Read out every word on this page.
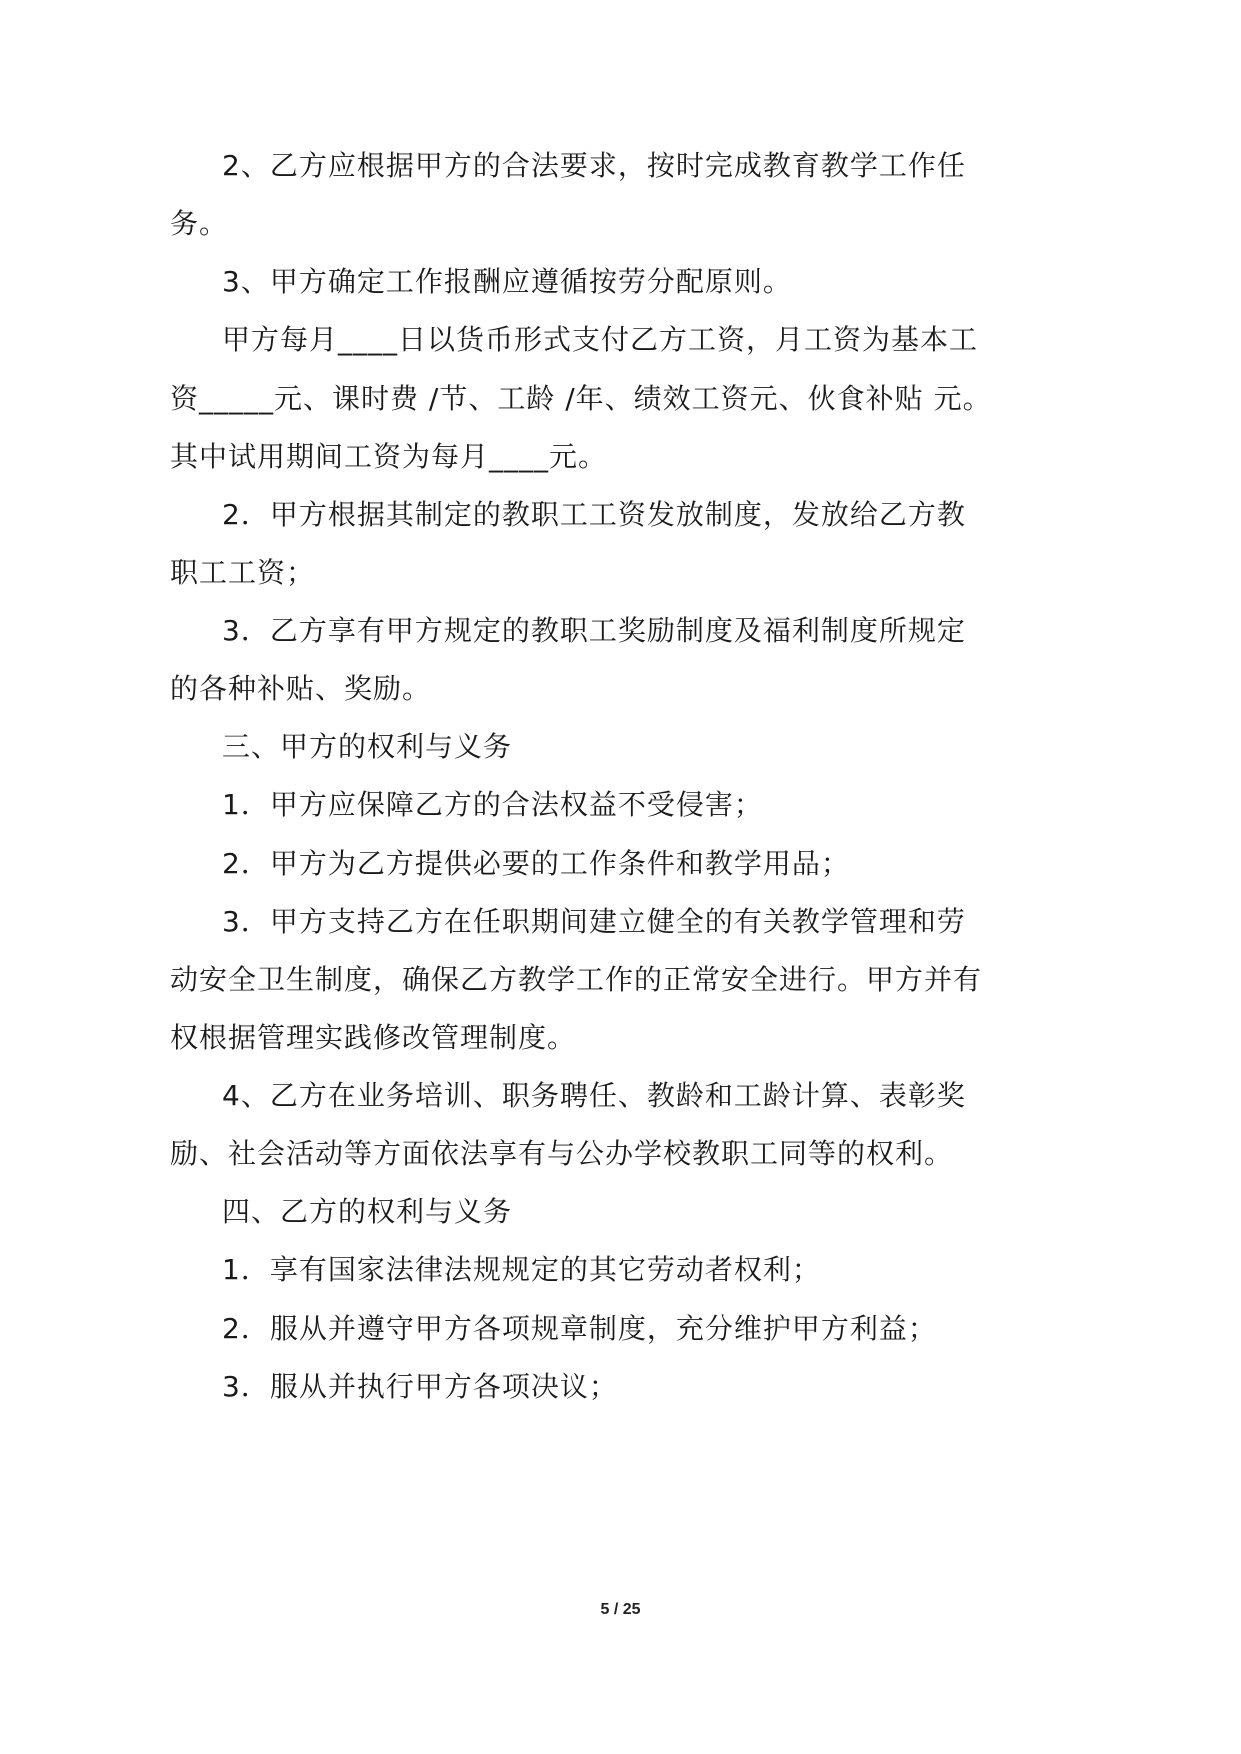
2、乙方应根据甲方的合法要求，按时完成教育教学工作任
务。
3、甲方确定工作报酬应遵循按劳分配原则。
甲方每月____日以货币形式支付乙方工资，月工资为基本工
资_____元、课时费 /节、工龄 /年、绩效工资元、伙食补贴 元。
其中试用期间工资为每月____元。
2．甲方根据其制定的教职工工资发放制度，发放给乙方教
职工工资；
3．乙方享有甲方规定的教职工奖励制度及福利制度所规定
的各种补贴、奖励。
三、甲方的权利与义务
1．甲方应保障乙方的合法权益不受侵害；
2．甲方为乙方提供必要的工作条件和教学用品；
3．甲方支持乙方在任职期间建立健全的有关教学管理和劳
动安全卫生制度，确保乙方教学工作的正常安全进行。甲方并有
权根据管理实践修改管理制度。
4、乙方在业务培训、职务聘任、教龄和工龄计算、表彰奖
励、社会活动等方面依法享有与公办学校教职工同等的权利。
四、乙方的权利与义务
1．享有国家法律法规规定的其它劳动者权利；
2．服从并遵守甲方各项规章制度，充分维护甲方利益；
3．服从并执行甲方各项决议；
5 / 25
